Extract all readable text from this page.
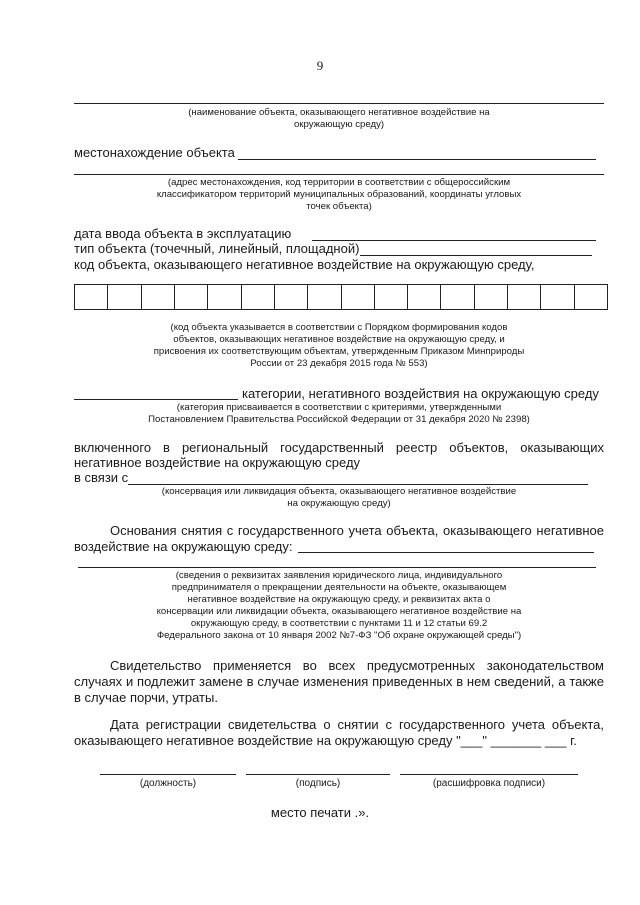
9
(наименование объекта, оказывающего негативное воздействие на
окружающую среду)
местонахождение объекта
(адрес местонахождения, код территории в соответствии с общероссийским
классификатором территорий муниципальных образований, координаты угловых
точек объекта)
дата ввода объекта в эксплуатацию
тип объекта (точечный, линейный, площадной)
код объекта, оказывающего негативное воздействие на окружающую среду,
(код объекта указывается в соответствии с Порядком формирования кодов
объектов, оказывающих негативное воздействие на окружающую среду, и
присвоения их соответствующим объектам, утвержденным Приказом Минприроды
России от 23 декабря 2015 года № 553)
категории, негативного воздействия на окружающую среду
(категория присваивается в соответствии с критериями, утвержденными
Постановлением Правительства Российской Федерации от 31 декабря 2020 № 2398)
включенного в региональный государственный реестр объектов, оказывающих
негативное воздействие на окружающую среду
в связи с
(консервация или ликвидация объекта, оказывающего негативное воздействие
на окружающую среду)
Основания снятия с государственного учета объекта, оказывающего негативное
воздействие на окружающую среду:
(сведения о реквизитах заявления юридического лица, индивидуального
предпринимателя о прекращении деятельности на объекте, оказывающем
негативное воздействие на окружающую среду, и реквизитах акта о
консервации или ликвидации объекта, оказывающего негативное воздействие на
окружающую среду, в соответствии с пунктами 11 и 12 статьи 69.2
Федерального закона от 10 января 2002 №7-ФЗ "Об охране окружающей среды")
Свидетельство применяется во всех предусмотренных законодательством
случаях и подлежит замене в случае изменения приведенных в нем сведений, а также
в случае порчи, утраты.
Дата регистрации свидетельства о снятии с государственного учета объекта,
оказывающего негативное воздействие на окружающую среду "___" _______ ___ г.
(должность)	(подпись)	(расшифровка подписи)
место печати .».
